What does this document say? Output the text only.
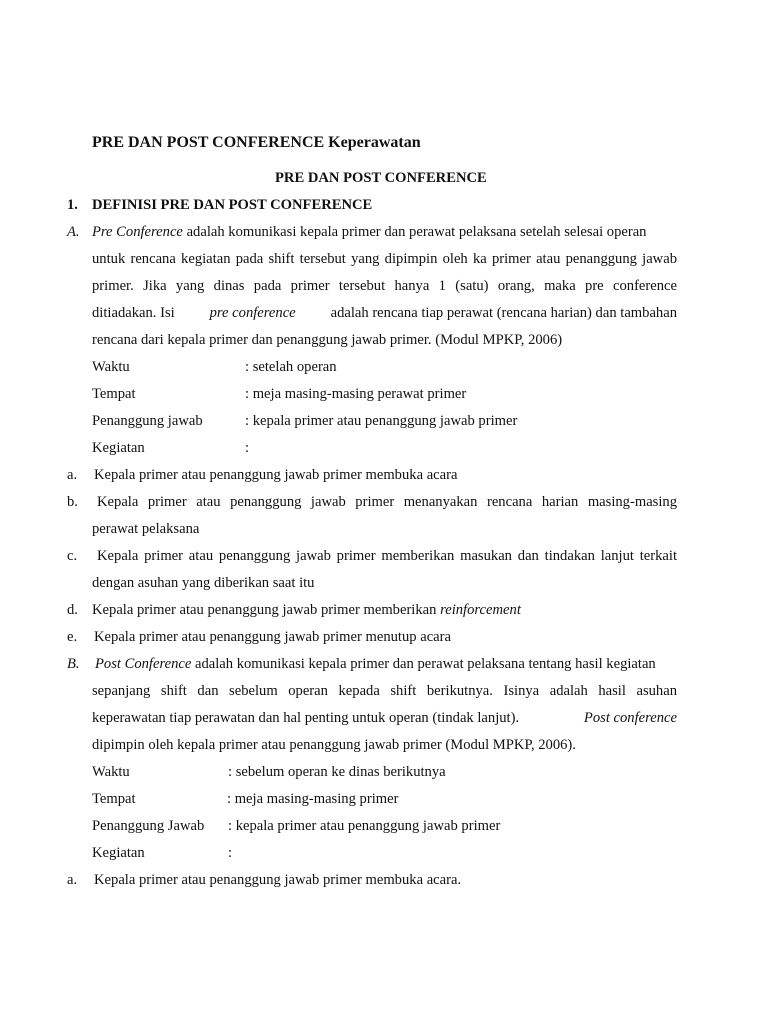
PRE DAN POST CONFERENCE Keperawatan
PRE DAN POST CONFERENCE
1. DEFINISI PRE DAN POST CONFERENCE
A. Pre Conference adalah komunikasi kepala primer dan perawat pelaksana setelah selesai operan
untuk rencana kegiatan pada shift tersebut yang dipimpin oleh ka primer atau penanggung jawab
primer. Jika yang dinas pada primer tersebut hanya 1 (satu) orang, maka pre conference
ditiadakan. Isi pre conference adalah rencana tiap perawat (rencana harian) dan tambahan
rencana dari kepala primer dan penanggung jawab primer. (Modul MPKP, 2006)
Waktu	: setelah operan
Tempat	: meja masing-masing perawat primer
Penanggung jawab	: kepala primer atau penanggung jawab primer
Kegiatan	:
a. Kepala primer atau penanggung jawab primer membuka acara
b. Kepala primer atau penanggung jawab primer menanyakan rencana harian masing-masing
perawat pelaksana
c. Kepala primer atau penanggung jawab primer memberikan masukan dan tindakan lanjut terkait
dengan asuhan yang diberikan saat itu
d. Kepala primer atau penanggung jawab primer memberikan reinforcement
e. Kepala primer atau penanggung jawab primer menutup acara
B. Post Conference adalah komunikasi kepala primer dan perawat pelaksana tentang hasil kegiatan
sepanjang shift dan sebelum operan kepada shift berikutnya. Isinya adalah hasil asuhan
keperawatan tiap perawatan dan hal penting untuk operan (tindak lanjut).	Post conference
dipimpin oleh kepala primer atau penanggung jawab primer (Modul MPKP, 2006).
Waktu	: sebelum operan ke dinas berikutnya
Tempat	: meja masing-masing primer
Penanggung Jawab : kepala primer atau penanggung jawab primer
Kegiatan	:
a. Kepala primer atau penanggung jawab primer membuka acara.
